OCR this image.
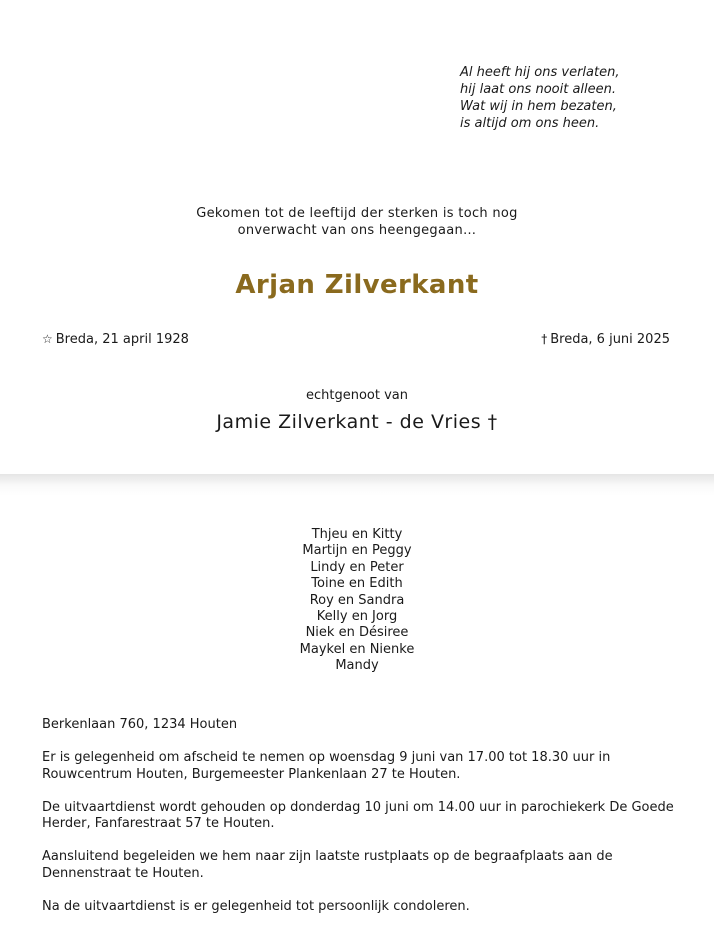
Al heeft hij ons verlaten,
hij laat ons nooit alleen.
Wat wij in hem bezaten,
is altijd om ons heen.
Gekomen tot de leeftijd der sterken is toch nog
onverwacht van ons heengegaan…
Arjan Zilverkant
☆ Breda, 21 april 1928	† Breda, 6 juni 2025
echtgenoot van
Jamie Zilverkant - de Vries †
Thjeu en Kitty
Martijn en Peggy
Lindy en Peter
Toine en Edith
Roy en Sandra
Kelly en Jorg
Niek en Désiree
Maykel en Nienke
Mandy

Berkenlaan 760, 1234 Houten

Er is gelegenheid om afscheid te nemen op woensdag 9 juni van 17.00 tot 18.30 uur in Rouwcentrum Houten, Burgemeester Plankenlaan 27 te Houten.

De uitvaartdienst wordt gehouden op donderdag 10 juni om 14.00 uur in parochiekerk De Goede Herder, Fanfarestraat 57 te Houten.

Aansluitend begeleiden we hem naar zijn laatste rustplaats op de begraafplaats aan de Dennenstraat te Houten.

Na de uitvaartdienst is er gelegenheid tot persoonlijk condoleren.
